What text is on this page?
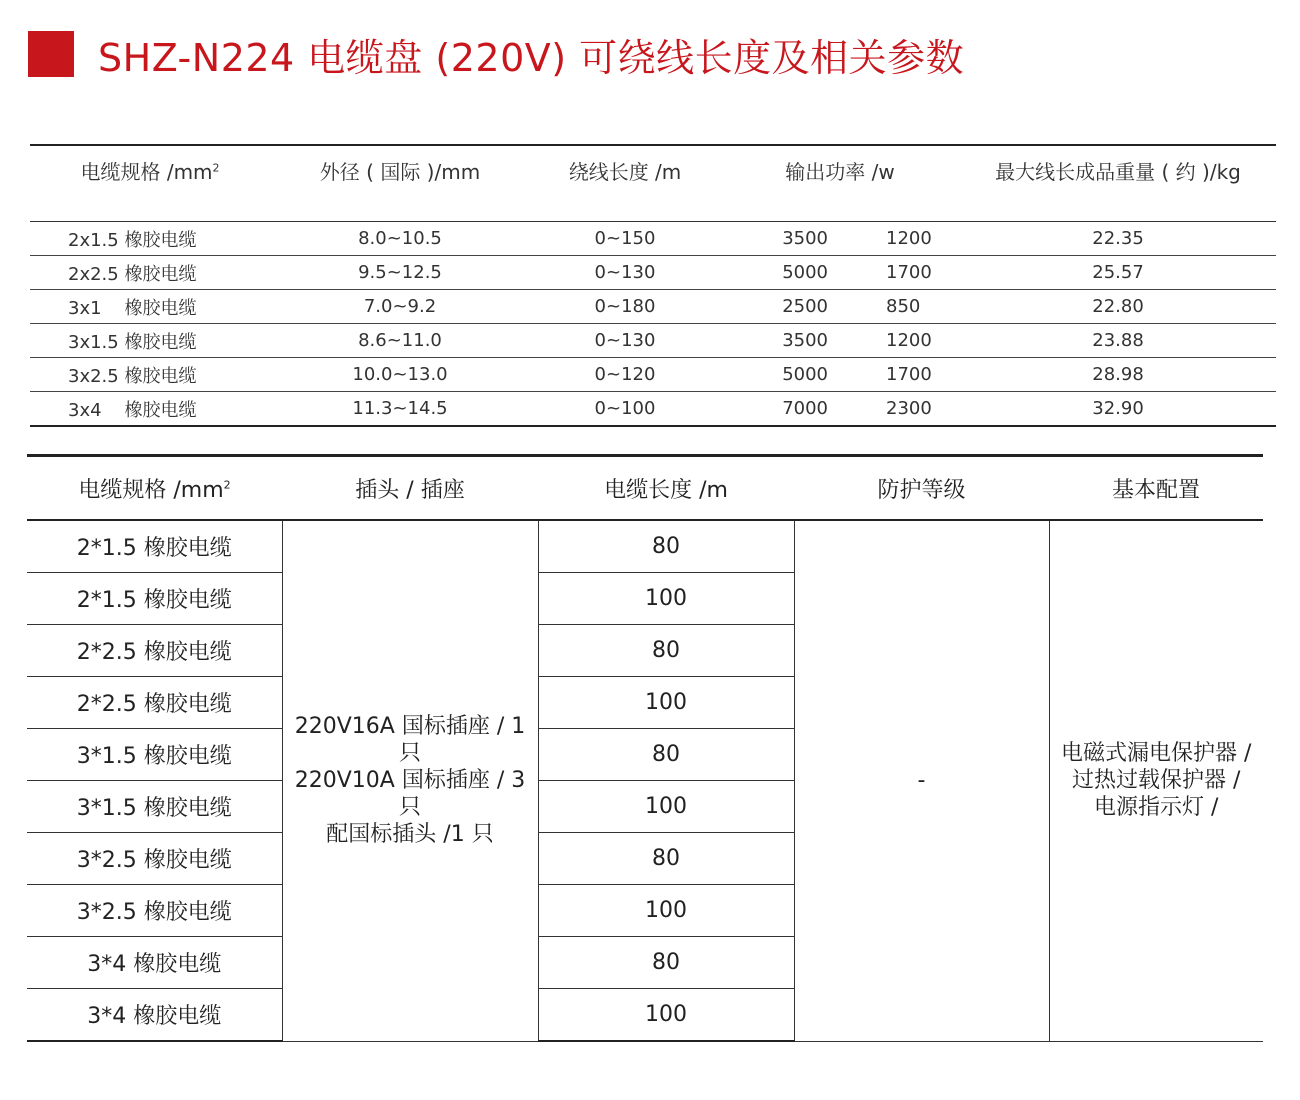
SHZ-N224 电缆盘 (220V) 可绕线长度及相关参数
电缆规格 $/mm^2$	外径 ( 国际 )/mm	绕线长度 /m	输出功率 /w		最大线长成品重量 ( 约 )/kg
2x1.5 橡胶电缆	8.0~10.5	0~150	3500	1200	22.35
2x2.5 橡胶电缆	9.5~12.5	0~130	5000	1700	25.57
3x1    橡胶电缆	7.0~9.2	0~180	2500	850	22.80
3x1.5 橡胶电缆	8.6~11.0	0~130	3500	1200	23.88
3x2.5 橡胶电缆	10.0~13.0	0~120	5000	1700	28.98
3x4    橡胶电缆	11.3~14.5	0~100	7000	2300	32.90
电缆规格 $/mm^2$	插头 / 插座	电缆长度 /m	防护等级	基本配置
2*1.5 橡胶电缆	220V16A 国标插座 / 1
只
220V10A 国标插座 / 3
只
配国标插头 /1 只	80	-	电磁式漏电保护器 /
过热过载保护器 /
电源指示灯 /

2*1.5 橡胶电缆		100		
2*2.5 橡胶电缆		80		
2*2.5 橡胶电缆		100		
3*1.5 橡胶电缆		80		
3*1.5 橡胶电缆		100		
3*2.5 橡胶电缆		80		
3*2.5 橡胶电缆		100		
3*4 橡胶电缆		80		
3*4 橡胶电缆		100		
